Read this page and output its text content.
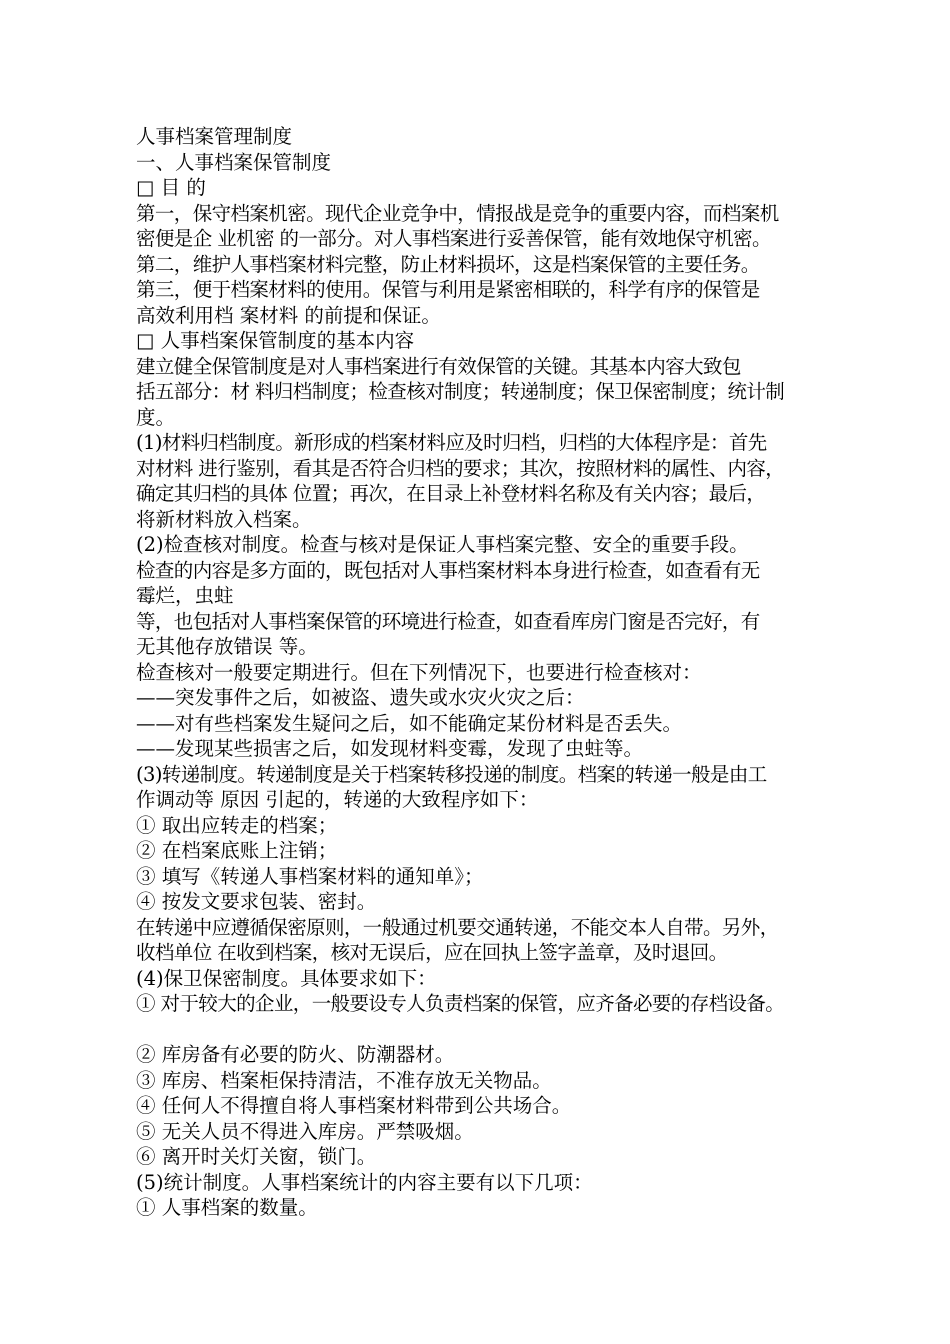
人事档案管理制度
一、人事档案保管制度
□ 目 的
第一，保守档案机密。现代企业竞争中，情报战是竞争的重要内容，而档案机
密便是企 业机密 的一部分。对人事档案进行妥善保管，能有效地保守机密。
第二，维护人事档案材料完整，防止材料损坏，这是档案保管的主要任务。
第三，便于档案材料的使用。保管与利用是紧密相联的，科学有序的保管是
高效利用档 案材料 的前提和保证。
□ 人事档案保管制度的基本内容
建立健全保管制度是对人事档案进行有效保管的关键。其基本内容大致包
括五部分：材 料归档制度；检查核对制度；转递制度；保卫保密制度；统计制
度。
(1)材料归档制度。新形成的档案材料应及时归档，归档的大体程序是：首先
对材料 进行鉴别，看其是否符合归档的要求；其次，按照材料的属性、内容，
确定其归档的具体 位置；再次，在目录上补登材料名称及有关内容；最后，
将新材料放入档案。
(2)检查核对制度。检查与核对是保证人事档案完整、安全的重要手段。
检查的内容是多方面的，既包括对人事档案材料本身进行检查，如查看有无
霉烂，虫蛀
等，也包括对人事档案保管的环境进行检查，如查看库房门窗是否完好，有
无其他存放错误 等。
检查核对一般要定期进行。但在下列情况下，也要进行检查核对：
——突发事件之后，如被盗、遗失或水灾火灾之后：
——对有些档案发生疑问之后，如不能确定某份材料是否丢失。
——发现某些损害之后，如发现材料变霉，发现了虫蛀等。
(3)转递制度。转递制度是关于档案转移投递的制度。档案的转递一般是由工
作调动等 原因 引起的，转递的大致程序如下：
① 取出应转走的档案；
② 在档案底账上注销；
③ 填写《转递人事档案材料的通知单》；
④ 按发文要求包装、密封。
在转递中应遵循保密原则，一般通过机要交通转递，不能交本人自带。另外，
收档单位 在收到档案，核对无误后，应在回执上签字盖章，及时退回。
(4)保卫保密制度。具体要求如下：
① 对于较大的企业，一般要设专人负责档案的保管，应齐备必要的存档设备。
② 库房备有必要的防火、防潮器材。
③ 库房、档案柜保持清洁，不准存放无关物品。
④ 任何人不得擅自将人事档案材料带到公共场合。
⑤ 无关人员不得进入库房。严禁吸烟。
⑥ 离开时关灯关窗，锁门。
(5)统计制度。人事档案统计的内容主要有以下几项：
① 人事档案的数量。
